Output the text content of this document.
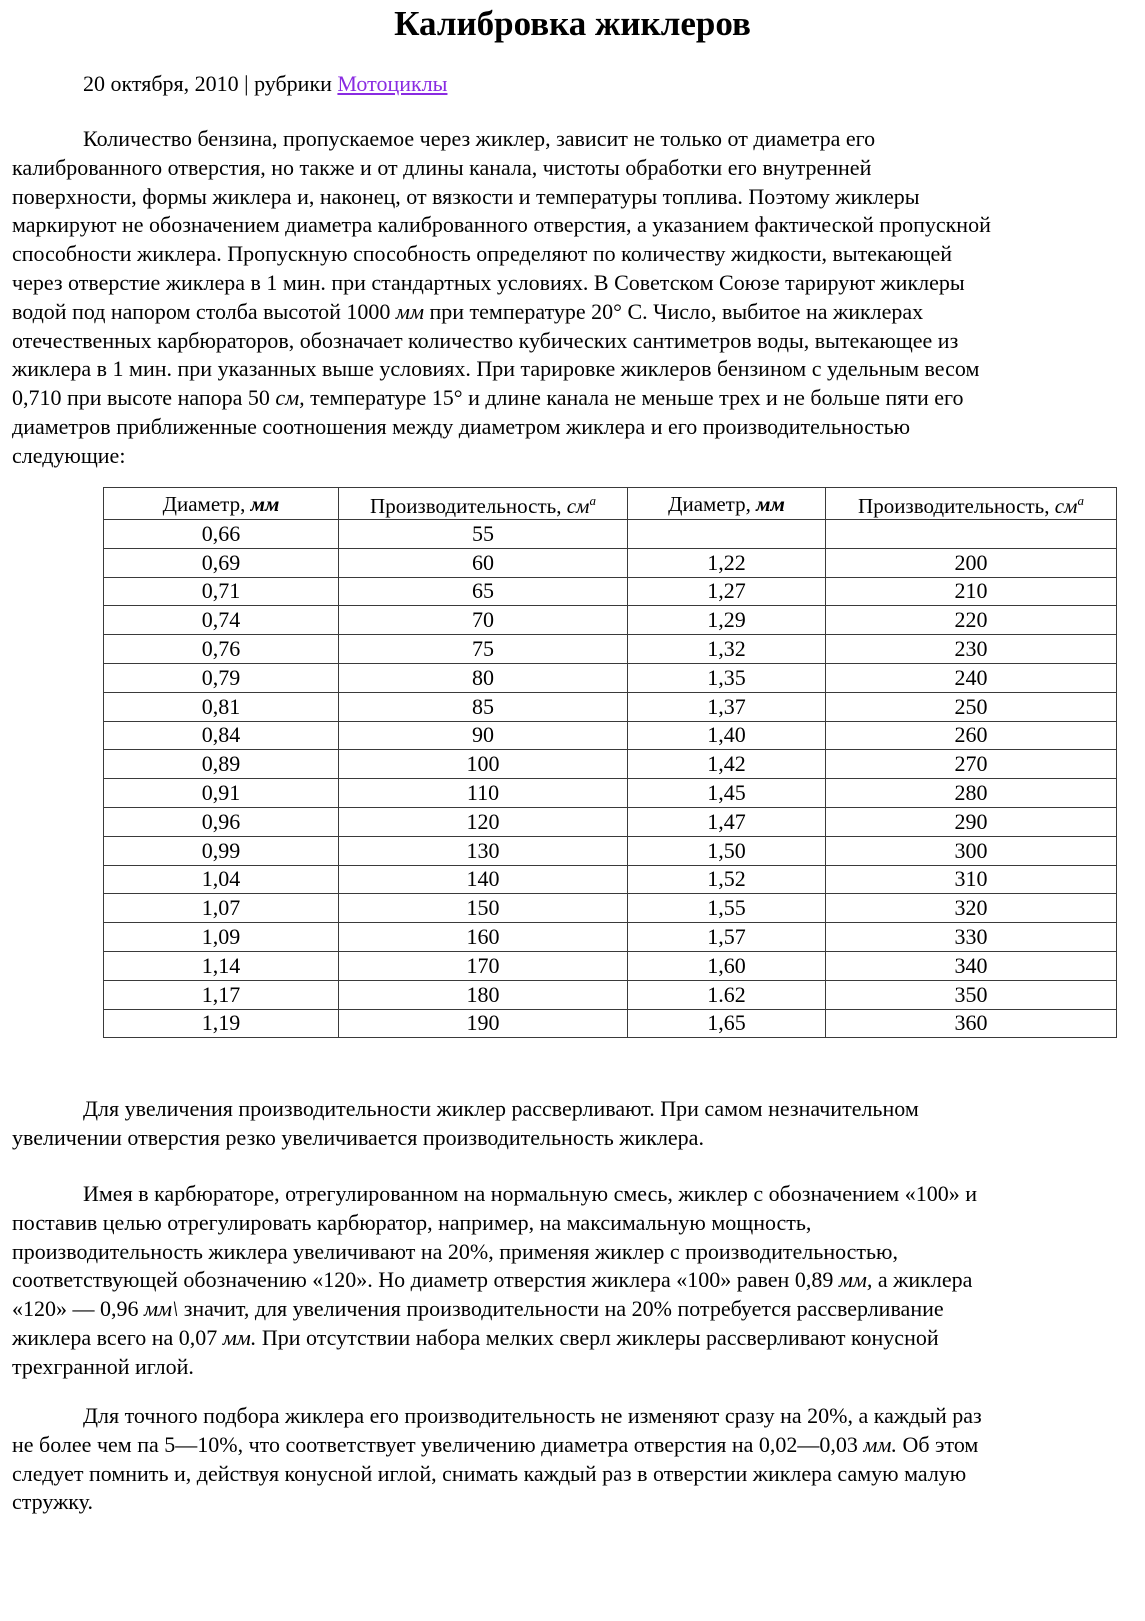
Калибровка жиклеров
20 октября, 2010 | рубрики Мотоциклы
Количество бензина, пропускаемое через жиклер, зависит не только от диаметра его
калиброванного отверстия, но также и от длины канала, чистоты обработки его внутренней
поверхности, формы жиклера и, наконец, от вязкости и температуры топлива. Поэтому жиклеры
маркируют не обозначением диаметра калиброванного отверстия, а указанием фактической пропускной
способности жиклера. Пропускную способность определяют по количеству жидкости, вытекающей
через отверстие жиклера в 1 мин. при стандартных условиях. В Советском Союзе тарируют жиклеры
водой под напором столба высотой 1000 мм при температуре 20° С. Число, выбитое на жиклерах
отечественных карбюраторов, обозначает количество кубических сантиметров воды, вытекающее из
жиклера в 1 мин. при указанных выше условиях. При тарировке жиклеров бензином с удельным весом
0,710 при высоте напора 50 см, температуре 15° и длине канала не меньше трех и не больше пяти его
диаметров приближенные соотношения между диаметром жиклера и его производительностью
следующие:
Диаметр, мм	Производительность, $см^а$	Диаметр, мм	Производительность, $см^а$
0,66	55		
0,69	60	1,22	200
0,71	65	1,27	210
0,74	70	1,29	220
0,76	75	1,32	230
0,79	80	1,35	240
0,81	85	1,37	250
0,84	90	1,40	260
0,89	100	1,42	270
0,91	110	1,45	280
0,96	120	1,47	290
0,99	130	1,50	300
1,04	140	1,52	310
1,07	150	1,55	320
1,09	160	1,57	330
1,14	170	1,60	340
1,17	180	1.62	350
1,19	190	1,65	360
Для увеличения производительности жиклер рассверливают. При самом незначительном
увеличении отверстия резко увеличивается производительность жиклера.
Имея в карбюраторе, отрегулированном на нормальную смесь, жиклер с обозначением «100» и
поставив целью отрегулировать карбюратор, например, на максимальную мощность,
производительность жиклера увеличивают на 20%, применяя жиклер с производительностью,
соответствующей обозначению «120». Но диаметр отверстия жиклера «100» равен 0,89 мм, а жиклера
«120» — 0,96 мм\ значит, для увеличения производительности на 20% потребуется рассверливание
жиклера всего на 0,07 мм. При отсутствии набора мелких сверл жиклеры рассверливают конусной
трехгранной иглой.
Для точного подбора жиклера его производительность не изменяют сразу на 20%, а каждый раз
не более чем па 5—10%, что соответствует увеличению диаметра отверстия на 0,02—0,03 мм. Об этом
следует помнить и, действуя конусной иглой, снимать каждый раз в отверстии жиклера самую малую
стружку.
